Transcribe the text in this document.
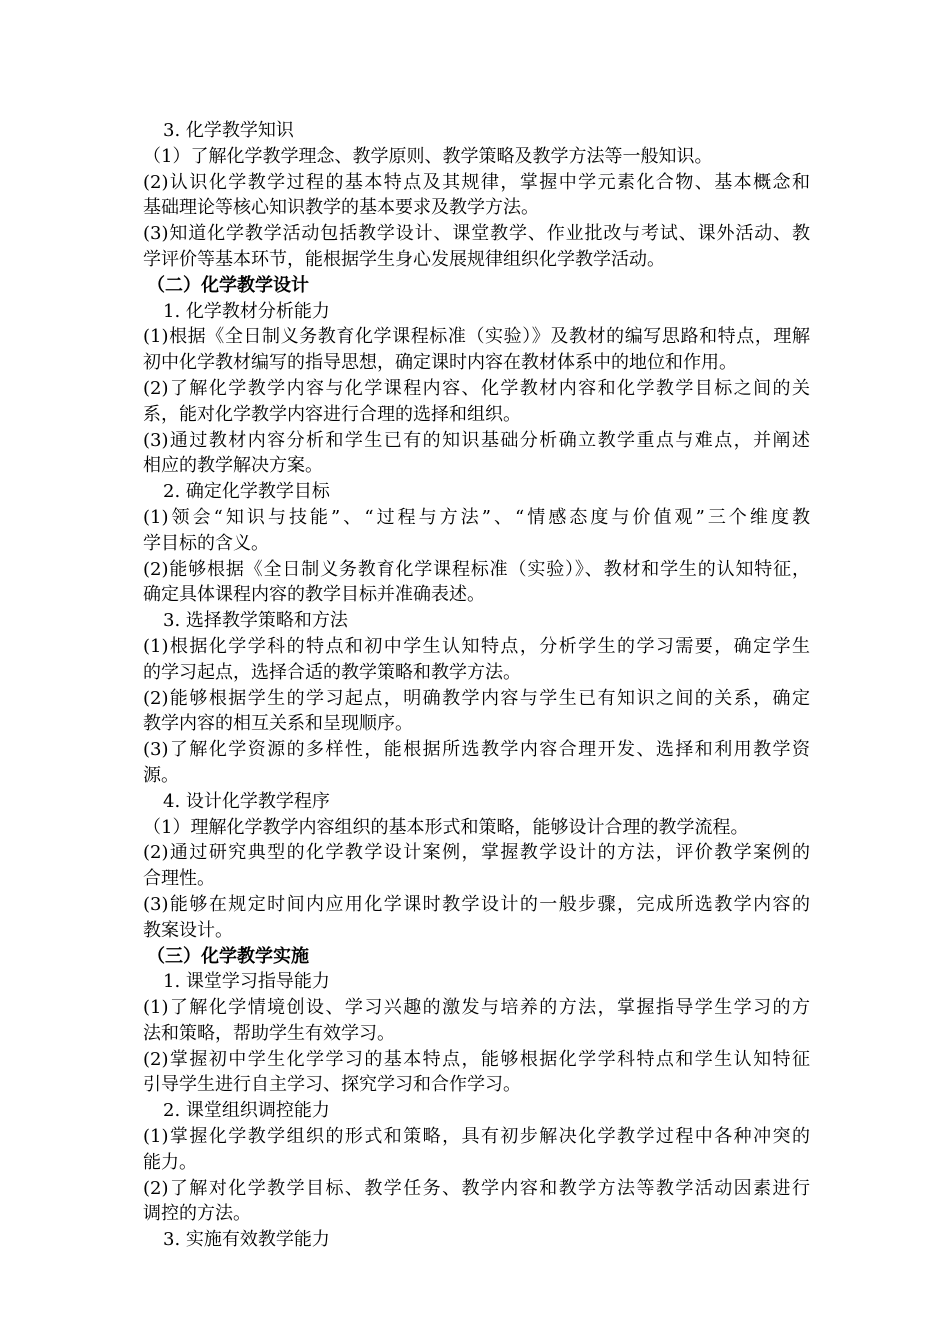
3. 化学教学知识

（1）了解化学教学理念、教学原则、教学策略及教学方法等一般知识。

(2)认识化学教学过程的基本特点及其规律，掌握中学元素化合物、基本概念和

基础理论等核心知识教学的基本要求及教学方法。

(3)知道化学教学活动包括教学设计、课堂教学、作业批改与考试、课外活动、教

学评价等基本环节，能根据学生身心发展规律组织化学教学活动。

（二）化学教学设计

1. 化学教材分析能力

(1)根据《全日制义务教育化学课程标准（实验）》及教材的编写思路和特点，理解

初中化学教材编写的指导思想，确定课时内容在教材体系中的地位和作用。

(2)了解化学教学内容与化学课程内容、化学教材内容和化学教学目标之间的关

系，能对化学教学内容进行合理的选择和组织。

(3)通过教材内容分析和学生已有的知识基础分析确立教学重点与难点，并阐述

相应的教学解决方案。

2. 确定化学教学目标

(1)领会“知识与技能”、“过程与方法”、“情感态度与价值观”三个维度教

学目标的含义。

(2)能够根据《全日制义务教育化学课程标准（实验）》、教材和学生的认知特征，

确定具体课程内容的教学目标并准确表述。

3. 选择教学策略和方法

(1)根据化学学科的特点和初中学生认知特点，分析学生的学习需要，确定学生

的学习起点，选择合适的教学策略和教学方法。

(2)能够根据学生的学习起点，明确教学内容与学生已有知识之间的关系，确定

教学内容的相互关系和呈现顺序。

(3)了解化学资源的多样性，能根据所选教学内容合理开发、选择和利用教学资

源。

4. 设计化学教学程序

（1）理解化学教学内容组织的基本形式和策略，能够设计合理的教学流程。

(2)通过研究典型的化学教学设计案例，掌握教学设计的方法，评价教学案例的

合理性。

(3)能够在规定时间内应用化学课时教学设计的一般步骤，完成所选教学内容的

教案设计。

（三）化学教学实施

1. 课堂学习指导能力

(1)了解化学情境创设、学习兴趣的激发与培养的方法，掌握指导学生学习的方

法和策略，帮助学生有效学习。

(2)掌握初中学生化学学习的基本特点，能够根据化学学科特点和学生认知特征

引导学生进行自主学习、探究学习和合作学习。

2. 课堂组织调控能力

(1)掌握化学教学组织的形式和策略，具有初步解决化学教学过程中各种冲突的

能力。

(2)了解对化学教学目标、教学任务、教学内容和教学方法等教学活动因素进行

调控的方法。

3. 实施有效教学能力
